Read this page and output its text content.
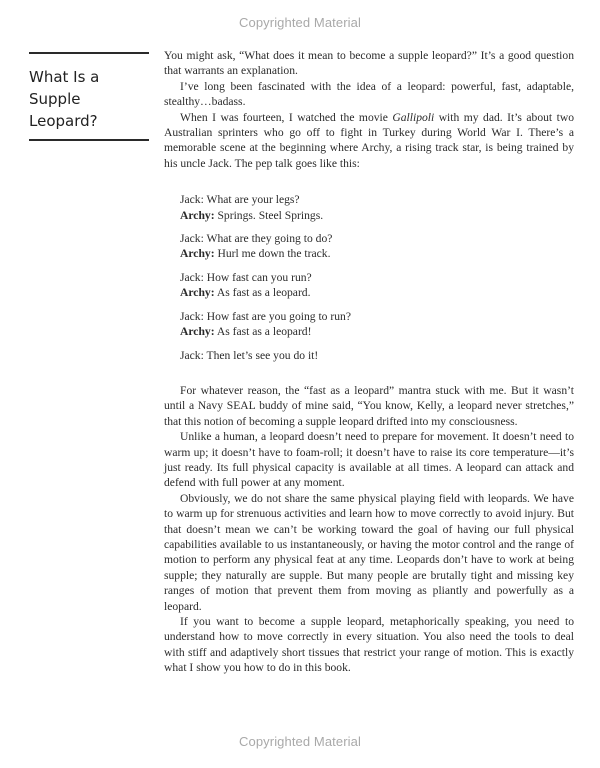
Copyrighted Material
What Is a
Supple Leopard?

You might ask, “What does it mean to become a supple leopard?” It’s a good question that warrants an explanation.

I’ve long been fascinated with the idea of a leopard: powerful, fast, adaptable, stealthy…badass.

When I was fourteen, I watched the movie Gallipoli with my dad. It’s about two Australian sprinters who go off to fight in Turkey during World War I. There’s a memorable scene at the beginning where Archy, a rising track star, is being trained by his uncle Jack. The pep talk goes like this:

Jack: What are your legs?
Archy: Springs. Steel Springs.
Jack: What are they going to do?
Archy: Hurl me down the track.
Jack: How fast can you run?
Archy: As fast as a leopard.
Jack: How fast are you going to run?
Archy: As fast as a leopard!
Jack: Then let’s see you do it!

For whatever reason, the “fast as a leopard” mantra stuck with me. But it wasn’t until a Navy SEAL buddy of mine said, “You know, Kelly, a leopard never stretches,” that this notion of becoming a supple leopard drifted into my consciousness.

Unlike a human, a leopard doesn’t need to prepare for movement. It doesn’t need to warm up; it doesn’t have to foam-roll; it doesn’t have to raise its core temperature—it’s just ready. Its full physical capacity is available at all times. A leopard can attack and defend with full power at any moment.

Obviously, we do not share the same physical playing field with leopards. We have to warm up for strenuous activities and learn how to move correctly to avoid injury. But that doesn’t mean we can’t be working toward the goal of having our full physical capabilities available to us instantaneously, or having the motor control and the range of motion to perform any physical feat at any time. Leopards don’t have to work at being supple; they naturally are supple. But many people are brutally tight and missing key ranges of motion that prevent them from moving as pliantly and powerfully as a leopard.

If you want to become a supple leopard, metaphorically speaking, you need to understand how to move correctly in every situation. You also need the tools to deal with stiff and adaptively short tissues that restrict your range of motion. This is exactly what I show you how to do in this book.

Copyrighted Material
